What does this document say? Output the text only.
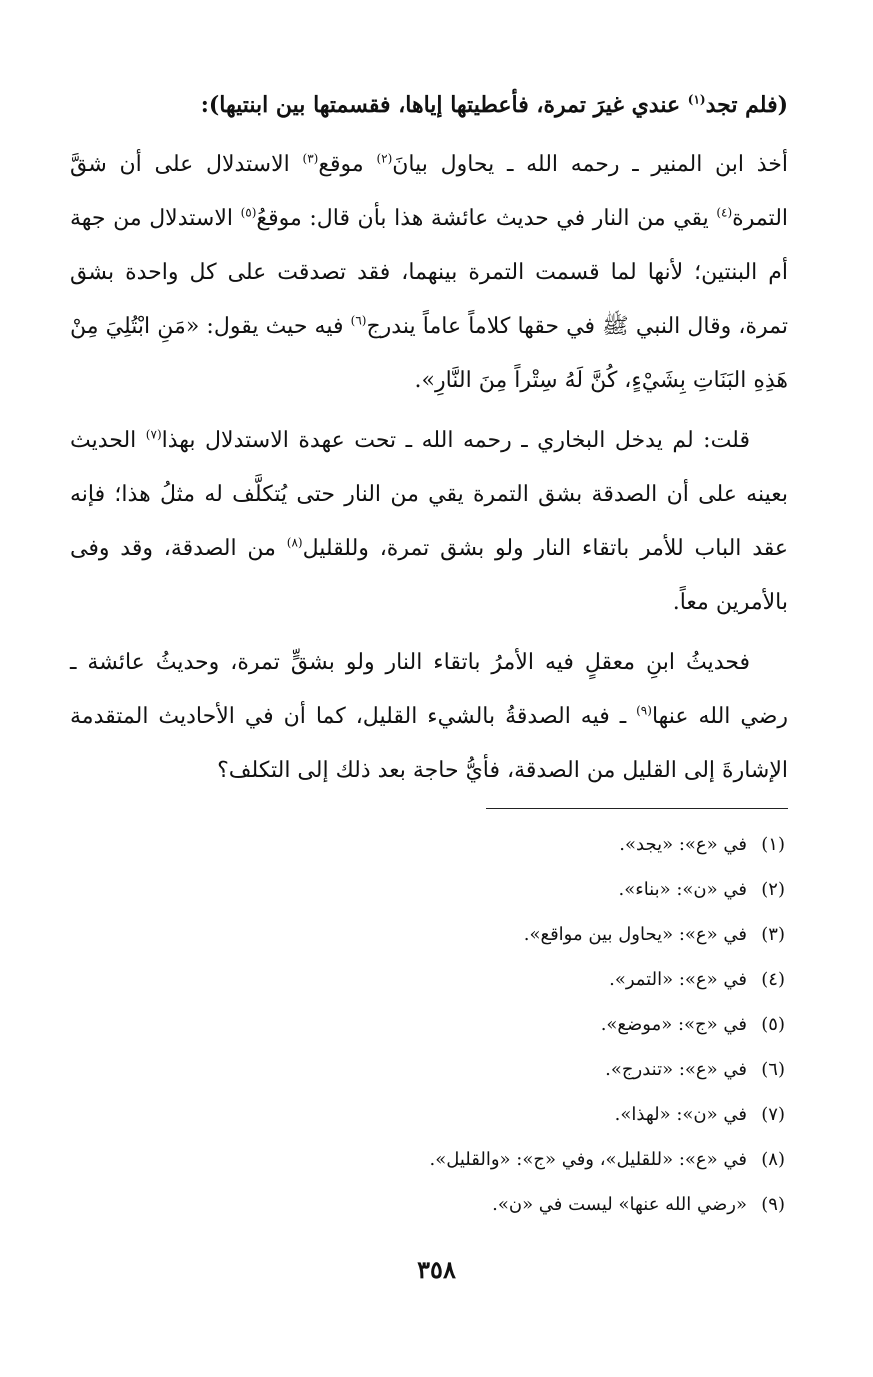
(فلم تجد$^{(١)}$ عندي غيرَ تمرة، فأعطيتها إياها، فقسمتها بين ابنتيها):

أخذ ابن المنير ـ رحمه الله ـ يحاول بيانَ$^{(٢)}$ موقع$^{(٣)}$ الاستدلال على أن شقَّ التمرة$^{(٤)}$ يقي من النار في حديث عائشة هذا بأن قال: موقعُ$^{(٥)}$ الاستدلال من جهة أم البنتين؛ لأنها لما قسمت التمرة بينهما، فقد تصدقت على كل واحدة بشق تمرة، وقال النبي ﷺ في حقها كلاماً عاماً يندرج$^{(٦)}$ فيه حيث يقول: «مَنِ ابْتُلِيَ مِنْ هَذِهِ البَنَاتِ بِشَيْءٍ، كُنَّ لَهُ سِتْراً مِنَ النَّارِ».

قلت: لم يدخل البخاري ـ رحمه الله ـ تحت عهدة الاستدلال بهذا$^{(٧)}$ الحديث بعينه على أن الصدقة بشق التمرة يقي من النار حتى يُتكلَّف له مثلُ هذا؛ فإنه عقد الباب للأمر باتقاء النار ولو بشق تمرة، وللقليل$^{(٨)}$ من الصدقة، وقد وفى بالأمرين معاً.

فحديثُ ابنِ معقلٍ فيه الأمرُ باتقاء النار ولو بشقٍّ تمرة، وحديثُ عائشة ـ رضي الله عنها$^{(٩)}$ ـ فيه الصدقةُ بالشيء القليل، كما أن في الأحاديث المتقدمة الإشارةَ إلى القليل من الصدقة، فأيُّ حاجة بعد ذلك إلى التكلف؟

(١)في «ع»: «يجد».
(٢)في «ن»: «بناء».
(٣)في «ع»: «يحاول بين مواقع».
(٤)في «ع»: «التمر».
(٥)في «ج»: «موضع».
(٦)في «ع»: «تندرج».
(٧)في «ن»: «لهذا».
(٨)في «ع»: «للقليل»، وفي «ج»: «والقليل».
(٩)«رضي الله عنها» ليست في «ن».
٣٥٨
